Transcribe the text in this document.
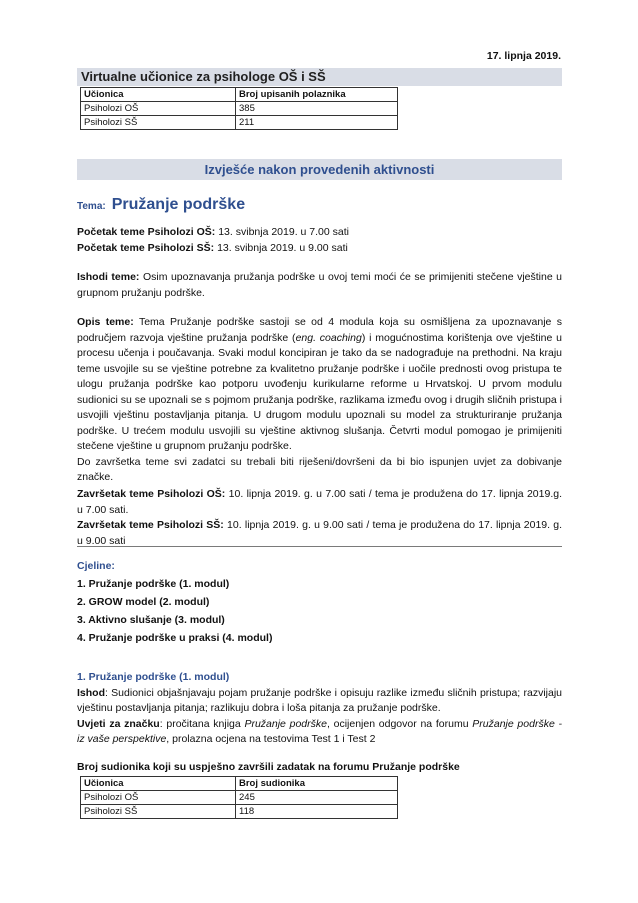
17. lipnja 2019.
Virtualne učionice za psihologe OŠ i SŠ
Učionica	Broj upisanih polaznika
Psiholozi OŠ	385
Psiholozi SŠ	211
Izvješće nakon provedenih aktivnosti
Tema: Pružanje podrške
Početak teme Psiholozi OŠ: 13. svibnja 2019. u 7.00 sati
Početak teme Psiholozi SŠ: 13. svibnja 2019. u 9.00 sati
Ishodi teme: Osim upoznavanja pružanja podrške u ovoj temi moći će se primijeniti stečene vještine u grupnom pružanju podrške.
Opis teme: Tema Pružanje podrške sastoji se od 4 modula koja su osmišljena za upoznavanje s područjem razvoja vještine pružanja podrške (eng. coaching) i mogućnostima korištenja ove vještine u procesu učenja i poučavanja. Svaki modul koncipiran je tako da se nadograđuje na prethodni. Na kraju teme usvojile su se vještine potrebne za kvalitetno pružanje podrške i uočile prednosti ovog pristupa te ulogu pružanja podrške kao potporu uvođenju kurikularne reforme u Hrvatskoj. U prvom modulu sudionici su se upoznali se s pojmom pružanja podrške, razlikama između ovog i drugih sličnih pristupa i usvojili vještinu postavljanja pitanja. U drugom modulu upoznali su model za strukturiranje pružanja podrške. U trećem modulu usvojili su vještine aktivnog slušanja. Četvrti modul pomogao je primijeniti stečene vještine u grupnom pružanju podrške.
Do završetka teme svi zadatci su trebali biti riješeni/dovršeni da bi bio ispunjen uvjet za dobivanje značke.
Završetak teme Psiholozi OŠ: 10. lipnja 2019. g. u 7.00 sati / tema je produžena do 17. lipnja 2019.g. u 7.00 sati.
Završetak teme Psiholozi SŠ: 10. lipnja 2019. g. u 9.00 sati / tema je produžena do 17. lipnja 2019. g. u 9.00 sati
Cjeline:
1. Pružanje podrške (1. modul)
2. GROW model (2. modul)
3. Aktivno slušanje (3. modul)
4. Pružanje podrške u praksi (4. modul)
1. Pružanje podrške (1. modul)
Ishod: Sudionici objašnjavaju pojam pružanje podrške i opisuju razlike između sličnih pristupa; razvijaju vještinu postavljanja pitanja; razlikuju dobra i loša pitanja za pružanje podrške.
Uvjeti za značku: pročitana knjiga Pružanje podrške, ocijenjen odgovor na forumu Pružanje podrške - iz vaše perspektive, prolazna ocjena na testovima Test 1 i Test 2
Broj sudionika koji su uspješno završili zadatak na forumu Pružanje podrške
Učionica	Broj sudionika
Psiholozi OŠ	245
Psiholozi SŠ	118
